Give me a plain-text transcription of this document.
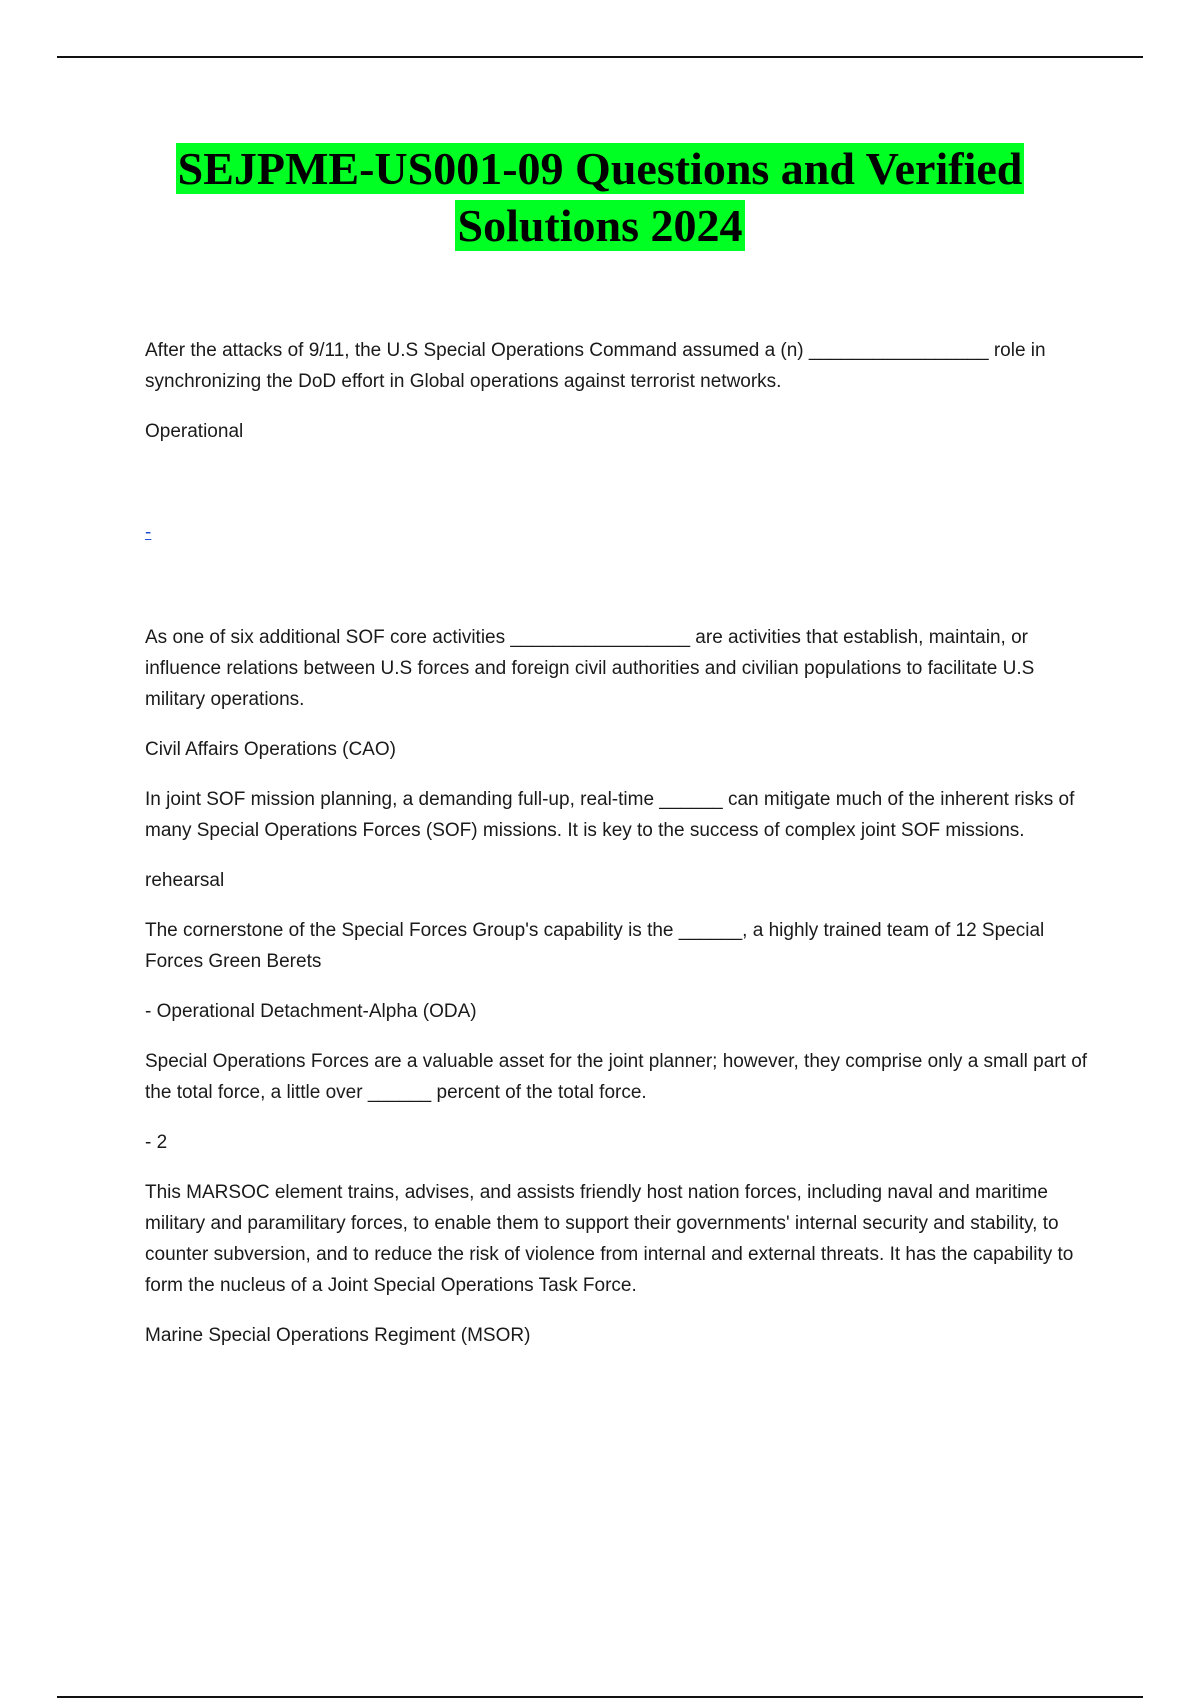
SEJPME-US001-09 Questions and Verified
Solutions 2024

After the attacks of 9/11, the U.S Special Operations Command assumed a (n) _________________ role in synchronizing the DoD effort in Global operations against terrorist networks.

Operational

-

As one of six additional SOF core activities _________________ are activities that establish, maintain, or influence relations between U.S forces and foreign civil authorities and civilian populations to facilitate U.S military operations.

Civil Affairs Operations (CAO)

In joint SOF mission planning, a demanding full-up, real-time ______ can mitigate much of the inherent risks of many Special Operations Forces (SOF) missions. It is key to the success of complex joint SOF missions.

rehearsal

The cornerstone of the Special Forces Group's capability is the ______, a highly trained team of 12 Special Forces Green Berets

- Operational Detachment-Alpha (ODA)

Special Operations Forces are a valuable asset for the joint planner; however, they comprise only a small part of the total force, a little over ______ percent of the total force.

- 2

This MARSOC element trains, advises, and assists friendly host nation forces, including naval and maritime military and paramilitary forces, to enable them to support their governments' internal security and stability, to counter subversion, and to reduce the risk of violence from internal and external threats. It has the capability to form the nucleus of a Joint Special Operations Task Force.

Marine Special Operations Regiment (MSOR)
